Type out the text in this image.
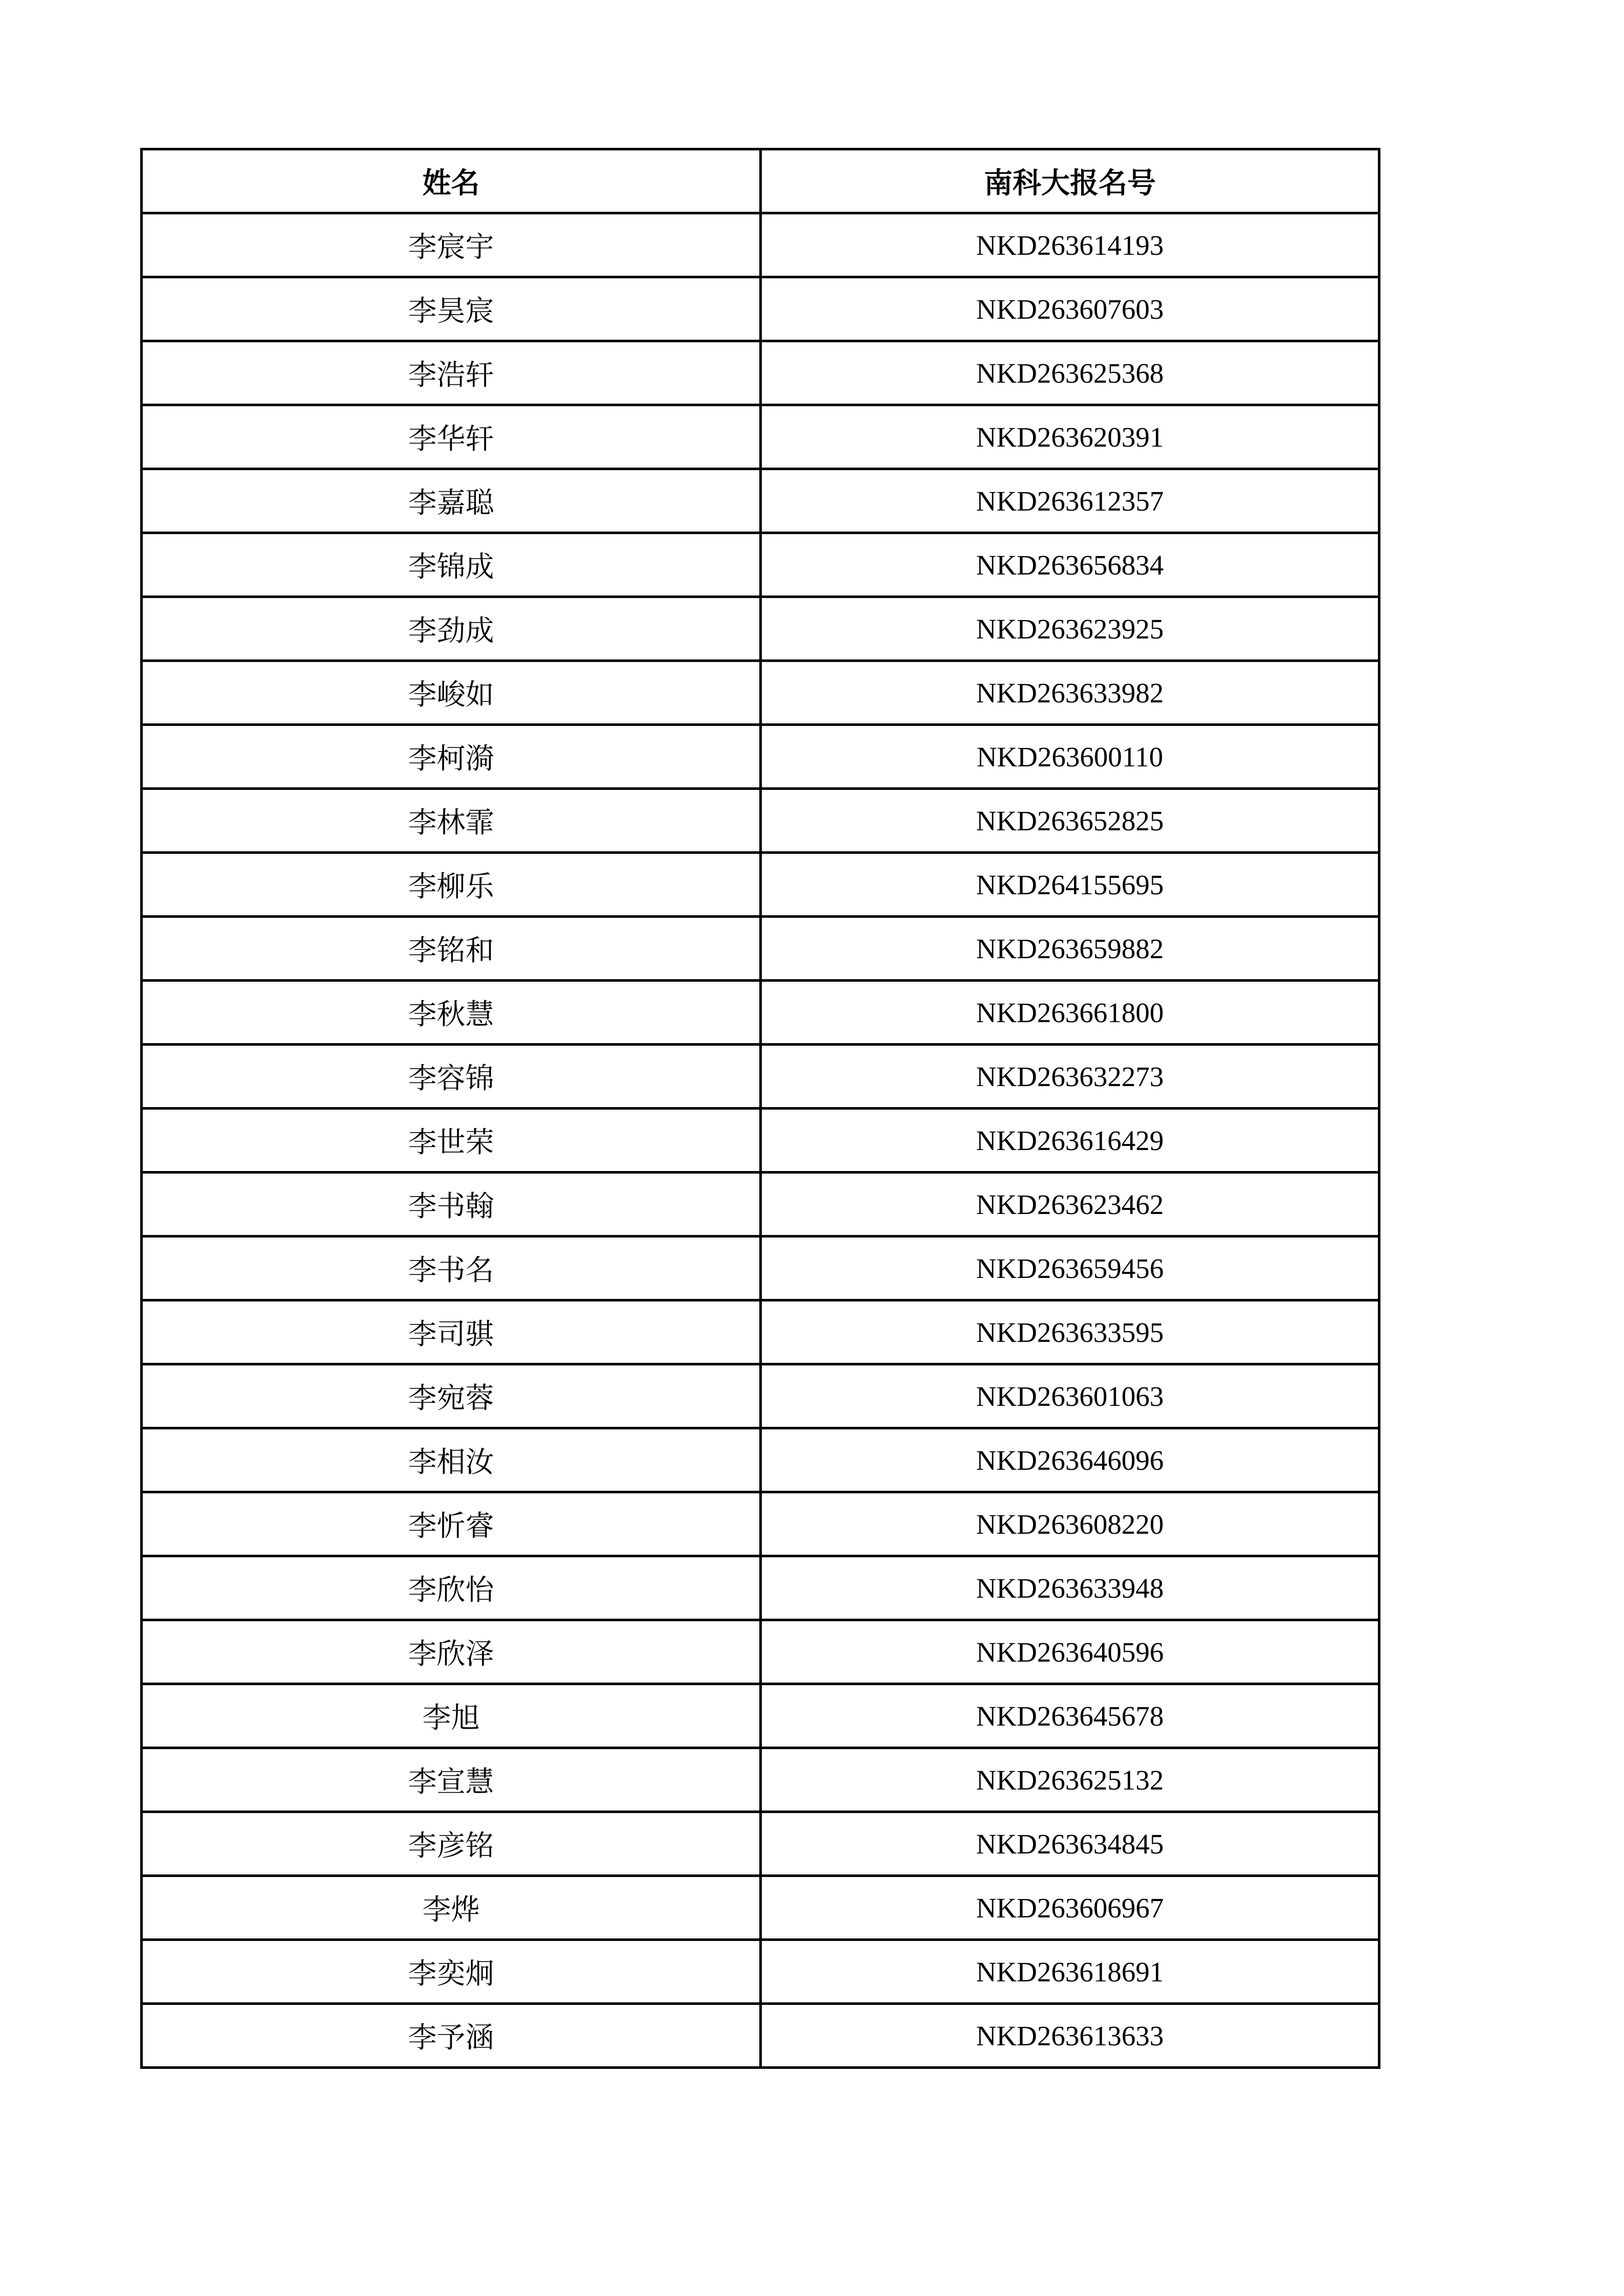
姓名	南科大报名号
李宸宇	NKD263614193
李昊宸	NKD263607603
李浩轩	NKD263625368
李华轩	NKD263620391
李嘉聪	NKD263612357
李锦成	NKD263656834
李劲成	NKD263623925
李峻如	NKD263633982
李柯漪	NKD263600110
李林霏	NKD263652825
李柳乐	NKD264155695
李铭和	NKD263659882
李秋慧	NKD263661800
李容锦	NKD263632273
李世荣	NKD263616429
李书翰	NKD263623462
李书名	NKD263659456
李司骐	NKD263633595
李宛蓉	NKD263601063
李相汝	NKD263646096
李忻睿	NKD263608220
李欣怡	NKD263633948
李欣泽	NKD263640596
李旭	NKD263645678
李宣慧	NKD263625132
李彦铭	NKD263634845
李烨	NKD263606967
李奕炯	NKD263618691
李予涵	NKD263613633
